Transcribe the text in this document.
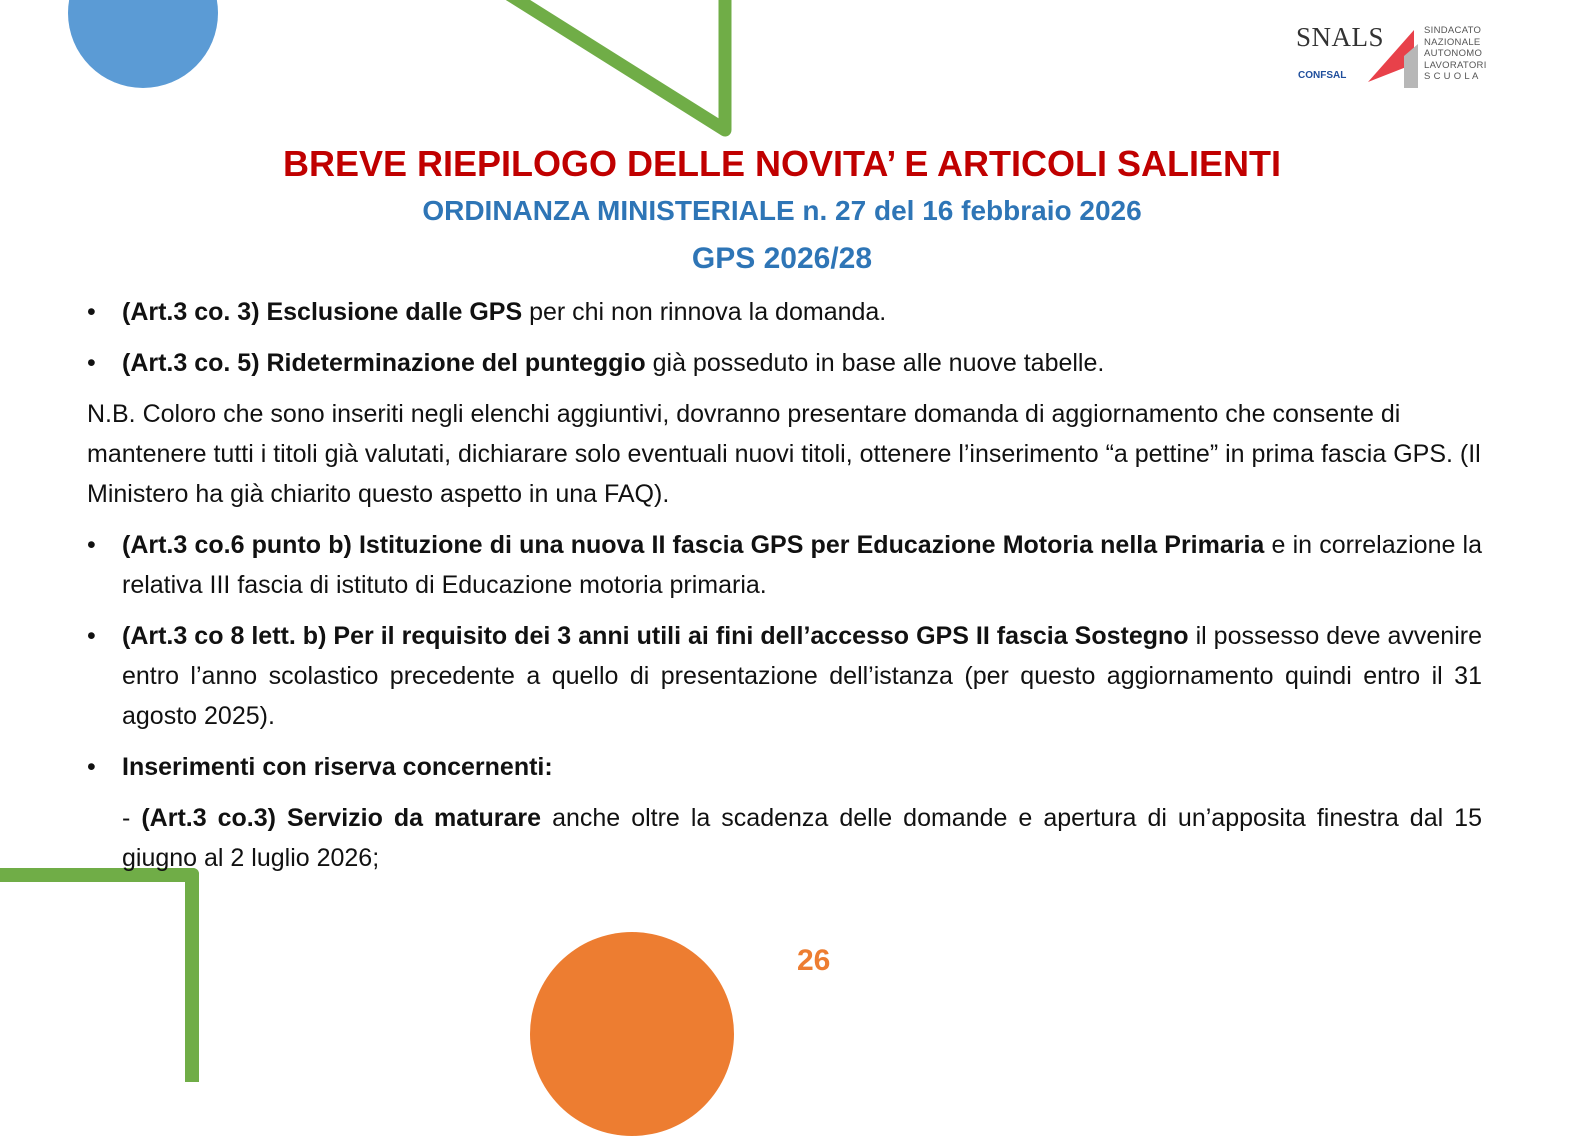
SNALS
CONFSAL
SINDACATO
NAZIONALE
AUTONOMO
LAVORATORI
S C U O L A
BREVE RIEPILOGO DELLE NOVITA’ E ARTICOLI SALIENTI
ORDINANZA MINISTERIALE n. 27 del 16 febbraio 2026
GPS 2026/28
• (Art.3 co. 3) Esclusione dalle GPS per chi non rinnova la domanda.
• (Art.3 co. 5) Rideterminazione del punteggio già posseduto in base alle nuove tabelle.
N.B. Coloro che sono inseriti negli elenchi aggiuntivi, dovranno presentare domanda di aggiornamento che consente di mantenere tutti i titoli già valutati, dichiarare solo eventuali nuovi titoli, ottenere l’inserimento “a pettine” in prima fascia GPS. (Il Ministero ha già chiarito questo aspetto in una FAQ).
• (Art.3 co.6 punto b) Istituzione di una nuova II fascia GPS per Educazione Motoria nella Primaria e in correlazione la relativa III fascia di istituto di Educazione motoria primaria.
• (Art.3 co 8 lett. b) Per il requisito dei 3 anni utili ai fini dell’accesso GPS II fascia Sostegno il possesso deve avvenire entro l’anno scolastico precedente a quello di presentazione dell’istanza (per questo aggiornamento quindi entro il 31 agosto 2025).
• Inserimenti con riserva concernenti:
- (Art.3 co.3) Servizio da maturare anche oltre la scadenza delle domande e apertura di un’apposita finestra dal 15 giugno al 2 luglio 2026;
26
